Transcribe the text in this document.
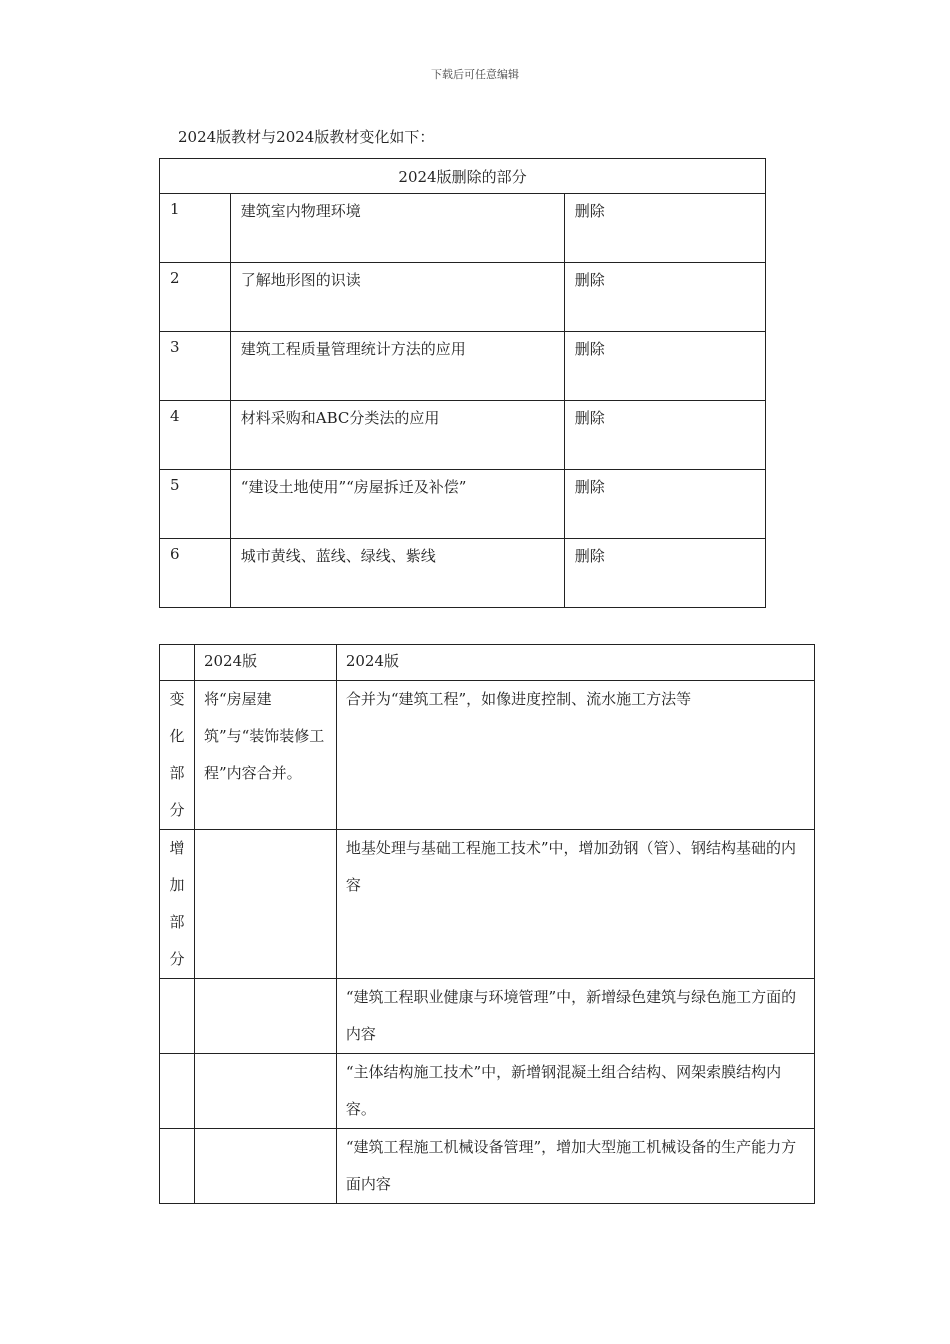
下载后可任意编辑
2024版教材与2024版教材变化如下：
2024版删除的部分		

1	建筑室内物理环境	删除

2	了解地形图的识读	删除

3	建筑工程质量管理统计方法的应用	删除

4	材料采购和ABC分类法的应用	删除

5	“建设土地使用”“房屋拆迁及补偿”	删除

6	城市黄线、蓝线、绿线、紫线	删除

	2024版	2024版

变化部分	将“房屋建筑”与“装饰装修工程”内容合并。	合并为“建筑工程”，如像进度控制、流水施工方法等

增加部分		地基处理与基础工程施工技术”中，增加劲钢（管）、钢结构基础的内容

		“建筑工程职业健康与环境管理”中，新增绿色建筑与绿色施工方面的内容

		“主体结构施工技术”中，新增钢混凝土组合结构、网架索膜结构内容。

		“建筑工程施工机械设备管理”，增加大型施工机械设备的生产能力方面内容
